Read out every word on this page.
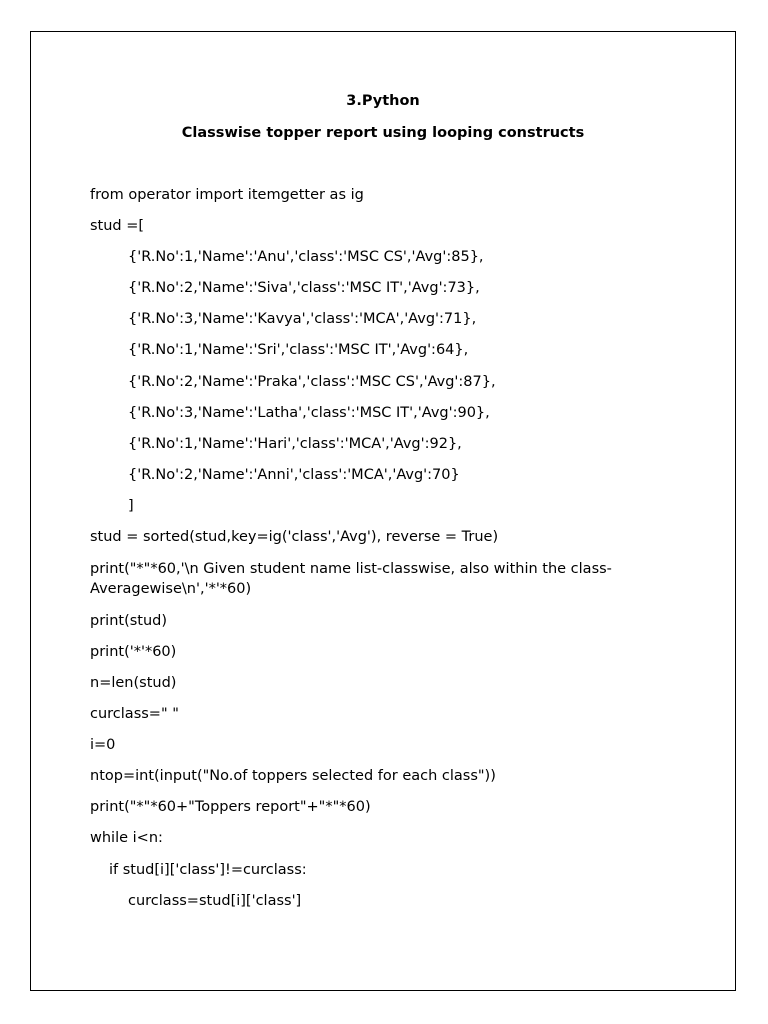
3.Python
Classwise topper report using looping constructs
from operator import itemgetter as ig
stud =[
{'R.No':1,'Name':'Anu','class':'MSC CS','Avg':85},
{'R.No':2,'Name':'Siva','class':'MSC IT','Avg':73},
{'R.No':3,'Name':'Kavya','class':'MCA','Avg':71},
{'R.No':1,'Name':'Sri','class':'MSC IT','Avg':64},
{'R.No':2,'Name':'Praka','class':'MSC CS','Avg':87},
{'R.No':3,'Name':'Latha','class':'MSC IT','Avg':90},
{'R.No':1,'Name':'Hari','class':'MCA','Avg':92},
{'R.No':2,'Name':'Anni','class':'MCA','Avg':70}
]
stud = sorted(stud,key=ig('class','Avg'), reverse = True)
print("*"*60,'\n Given student name list-classwise, also within the class-Averagewise\n','*'*60)
print(stud)
print('*'*60)
n=len(stud)
curclass=" "
i=0
ntop=int(input("No.of toppers selected for each class"))
print("*"*60+"Toppers report"+"*"*60)
while i<n:
if stud[i]['class']!=curclass:
curclass=stud[i]['class']
